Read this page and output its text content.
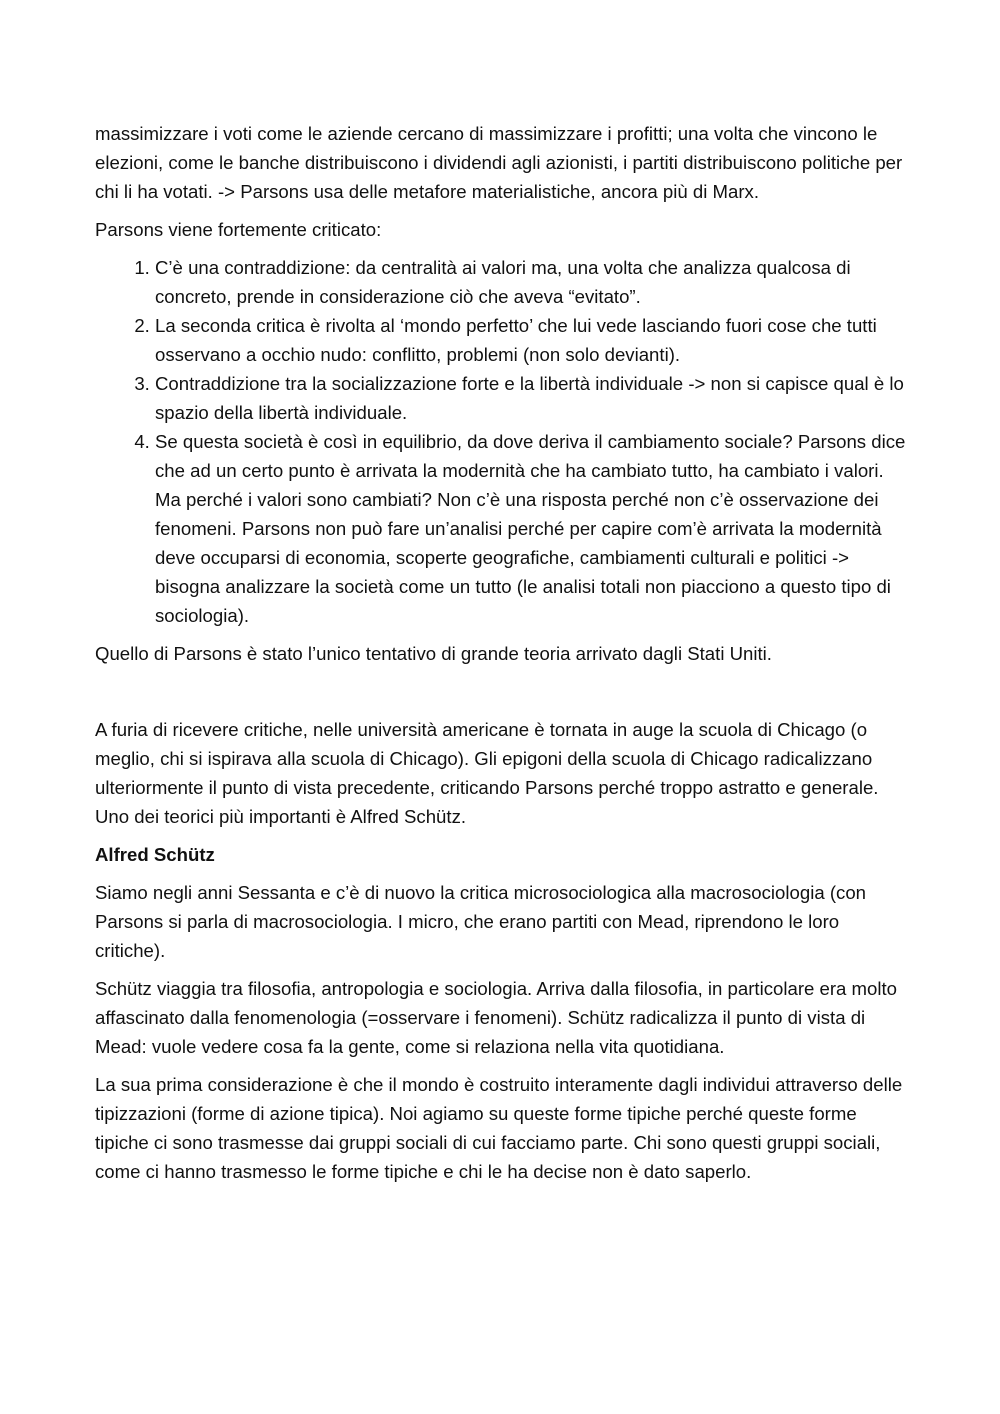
massimizzare i voti come le aziende cercano di massimizzare i profitti; una volta che vincono le elezioni, come le banche distribuiscono i dividendi agli azionisti, i partiti distribuiscono politiche per chi li ha votati. -> Parsons usa delle metafore materialistiche, ancora più di Marx.

Parsons viene fortemente criticato:

1. C’è una contraddizione: da centralità ai valori ma, una volta che analizza qualcosa di concreto, prende in considerazione ciò che aveva “evitato”.
2. La seconda critica è rivolta al ‘mondo perfetto’ che lui vede lasciando fuori cose che tutti osservano a occhio nudo: conflitto, problemi (non solo devianti).
3. Contraddizione tra la socializzazione forte e la libertà individuale -> non si capisce qual è lo spazio della libertà individuale.
4. Se questa società è così in equilibrio, da dove deriva il cambiamento sociale? Parsons dice che ad un certo punto è arrivata la modernità che ha cambiato tutto, ha cambiato i valori. Ma perché i valori sono cambiati? Non c’è una risposta perché non c’è osservazione dei fenomeni. Parsons non può fare un’analisi perché per capire com’è arrivata la modernità deve occuparsi di economia, scoperte geografiche, cambiamenti culturali e politici -> bisogna analizzare la società come un tutto (le analisi totali non piacciono a questo tipo di sociologia).

Quello di Parsons è stato l’unico tentativo di grande teoria arrivato dagli Stati Uniti.

A furia di ricevere critiche, nelle università americane è tornata in auge la scuola di Chicago (o meglio, chi si ispirava alla scuola di Chicago). Gli epigoni della scuola di Chicago radicalizzano ulteriormente il punto di vista precedente, criticando Parsons perché troppo astratto e generale. Uno dei teorici più importanti è Alfred Schütz.

Alfred Schütz

Siamo negli anni Sessanta e c’è di nuovo la critica microsociologica alla macrosociologia (con Parsons si parla di macrosociologia. I micro, che erano partiti con Mead, riprendono le loro critiche).

Schütz viaggia tra filosofia, antropologia e sociologia. Arriva dalla filosofia, in particolare era molto affascinato dalla fenomenologia (=osservare i fenomeni). Schütz radicalizza il punto di vista di Mead: vuole vedere cosa fa la gente, come si relaziona nella vita quotidiana.

La sua prima considerazione è che il mondo è costruito interamente dagli individui attraverso delle tipizzazioni (forme di azione tipica). Noi agiamo su queste forme tipiche perché queste forme tipiche ci sono trasmesse dai gruppi sociali di cui facciamo parte. Chi sono questi gruppi sociali, come ci hanno trasmesso le forme tipiche e chi le ha decise non è dato saperlo.
